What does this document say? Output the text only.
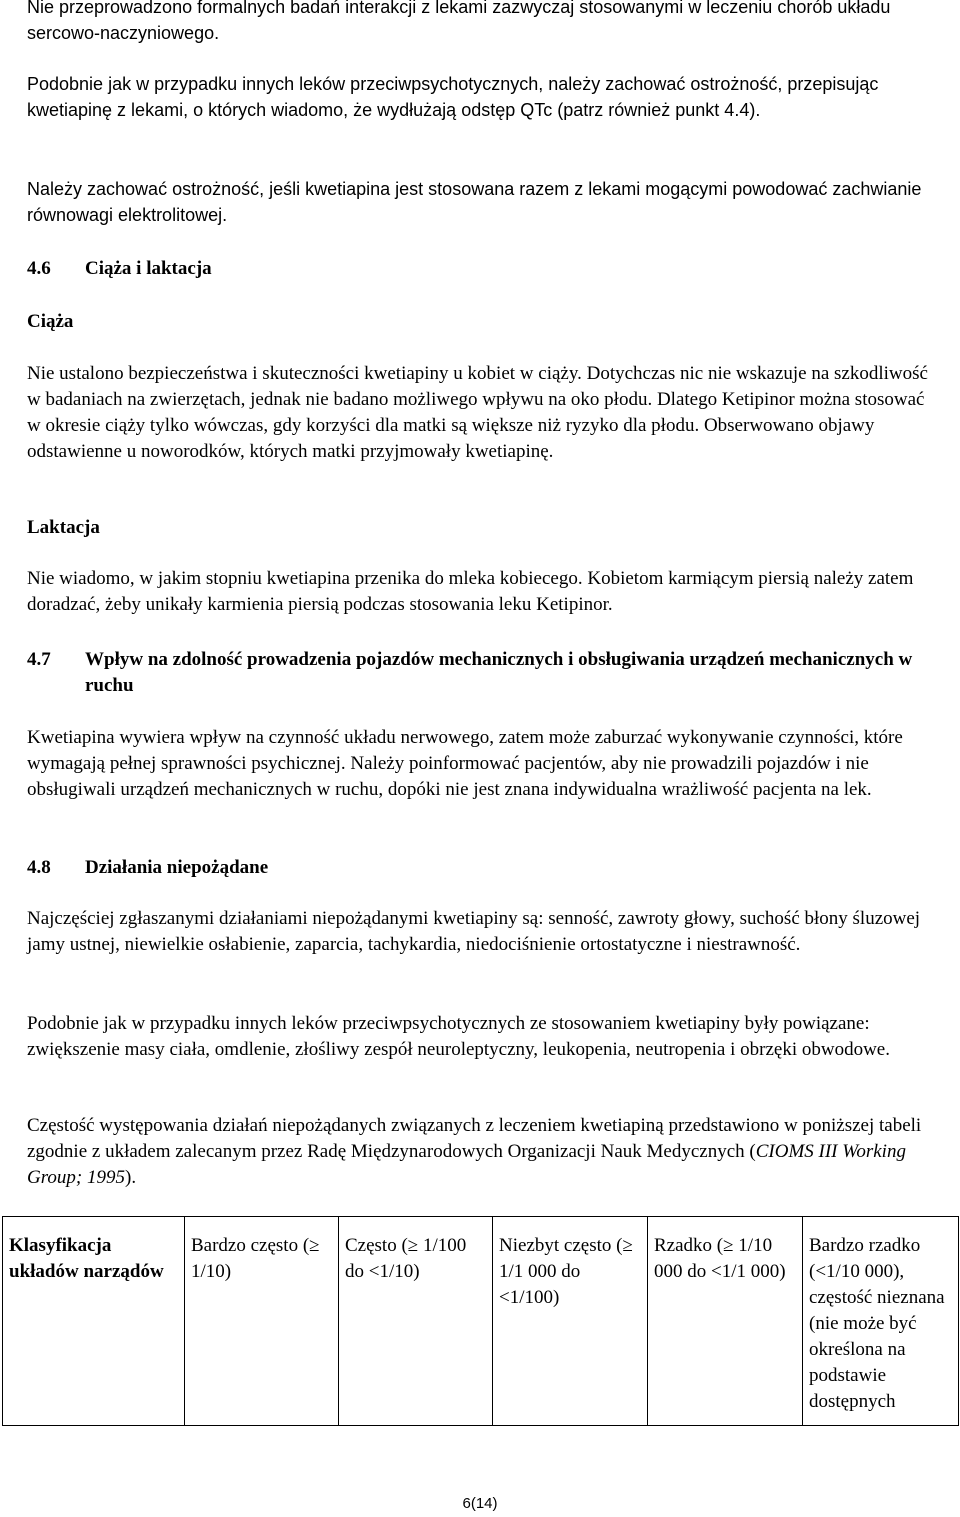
Nie przeprowadzono formalnych badań interakcji z lekami zazwyczaj stosowanymi w leczeniu chorób układu sercowo-naczyniowego.

Podobnie jak w przypadku innych leków przeciwpsychotycznych, należy zachować ostrożność, przepisując kwetiapinę z lekami, o których wiadomo, że wydłużają odstęp QTc (patrz również punkt 4.4).

Należy zachować ostrożność, jeśli kwetiapina jest stosowana razem z lekami mogącymi powodować zachwianie równowagi elektrolitowej.

4.6 Ciąża i laktacja

Ciąża

Nie ustalono bezpieczeństwa i skuteczności kwetiapiny u kobiet w ciąży. Dotychczas nic nie wskazuje na szkodliwość w badaniach na zwierzętach, jednak nie badano możliwego wpływu na oko płodu. Dlatego Ketipinor można stosować w okresie ciąży tylko wówczas, gdy korzyści dla matki są większe niż ryzyko dla płodu. Obserwowano objawy odstawienne u noworodków, których matki przyjmowały kwetiapinę.

Laktacja

Nie wiadomo, w jakim stopniu kwetiapina przenika do mleka kobiecego. Kobietom karmiącym piersią należy zatem doradzać, żeby unikały karmienia piersią podczas stosowania leku Ketipinor.

4.7 Wpływ na zdolność prowadzenia pojazdów mechanicznych i obsługiwania urządzeń mechanicznych w ruchu

Kwetiapina wywiera wpływ na czynność układu nerwowego, zatem może zaburzać wykonywanie czynności, które wymagają pełnej sprawności psychicznej. Należy poinformować pacjentów, aby nie prowadzili pojazdów i nie obsługiwali urządzeń mechanicznych w ruchu, dopóki nie jest znana indywidualna wrażliwość pacjenta na lek.

4.8 Działania niepożądane

Najczęściej zgłaszanymi działaniami niepożądanymi kwetiapiny są: senność, zawroty głowy, suchość błony śluzowej jamy ustnej, niewielkie osłabienie, zaparcia, tachykardia, niedociśnienie ortostatyczne i niestrawność.

Podobnie jak w przypadku innych leków przeciwpsychotycznych ze stosowaniem kwetiapiny były powiązane: zwiększenie masy ciała, omdlenie, złośliwy zespół neuroleptyczny, leukopenia, neutropenia i obrzęki obwodowe.

Częstość występowania działań niepożądanych związanych z leczeniem kwetiapiną przedstawiono w poniższej tabeli zgodnie z układem zalecanym przez Radę Międzynarodowych Organizacji Nauk Medycznych (CIOMS III Working Group; 1995).

Klasyfikacja układów narządów	Bardzo często (≥ 1/10)	Często (≥ 1/100 do <1/10)	Niezbyt często (≥ 1/1 000 do <1/100)	Rzadko (≥ 1/10 000 do <1/1 000)	Bardzo rzadko (<1/10 000), częstość nieznana (nie może być określona na podstawie dostępnych
6(14)
